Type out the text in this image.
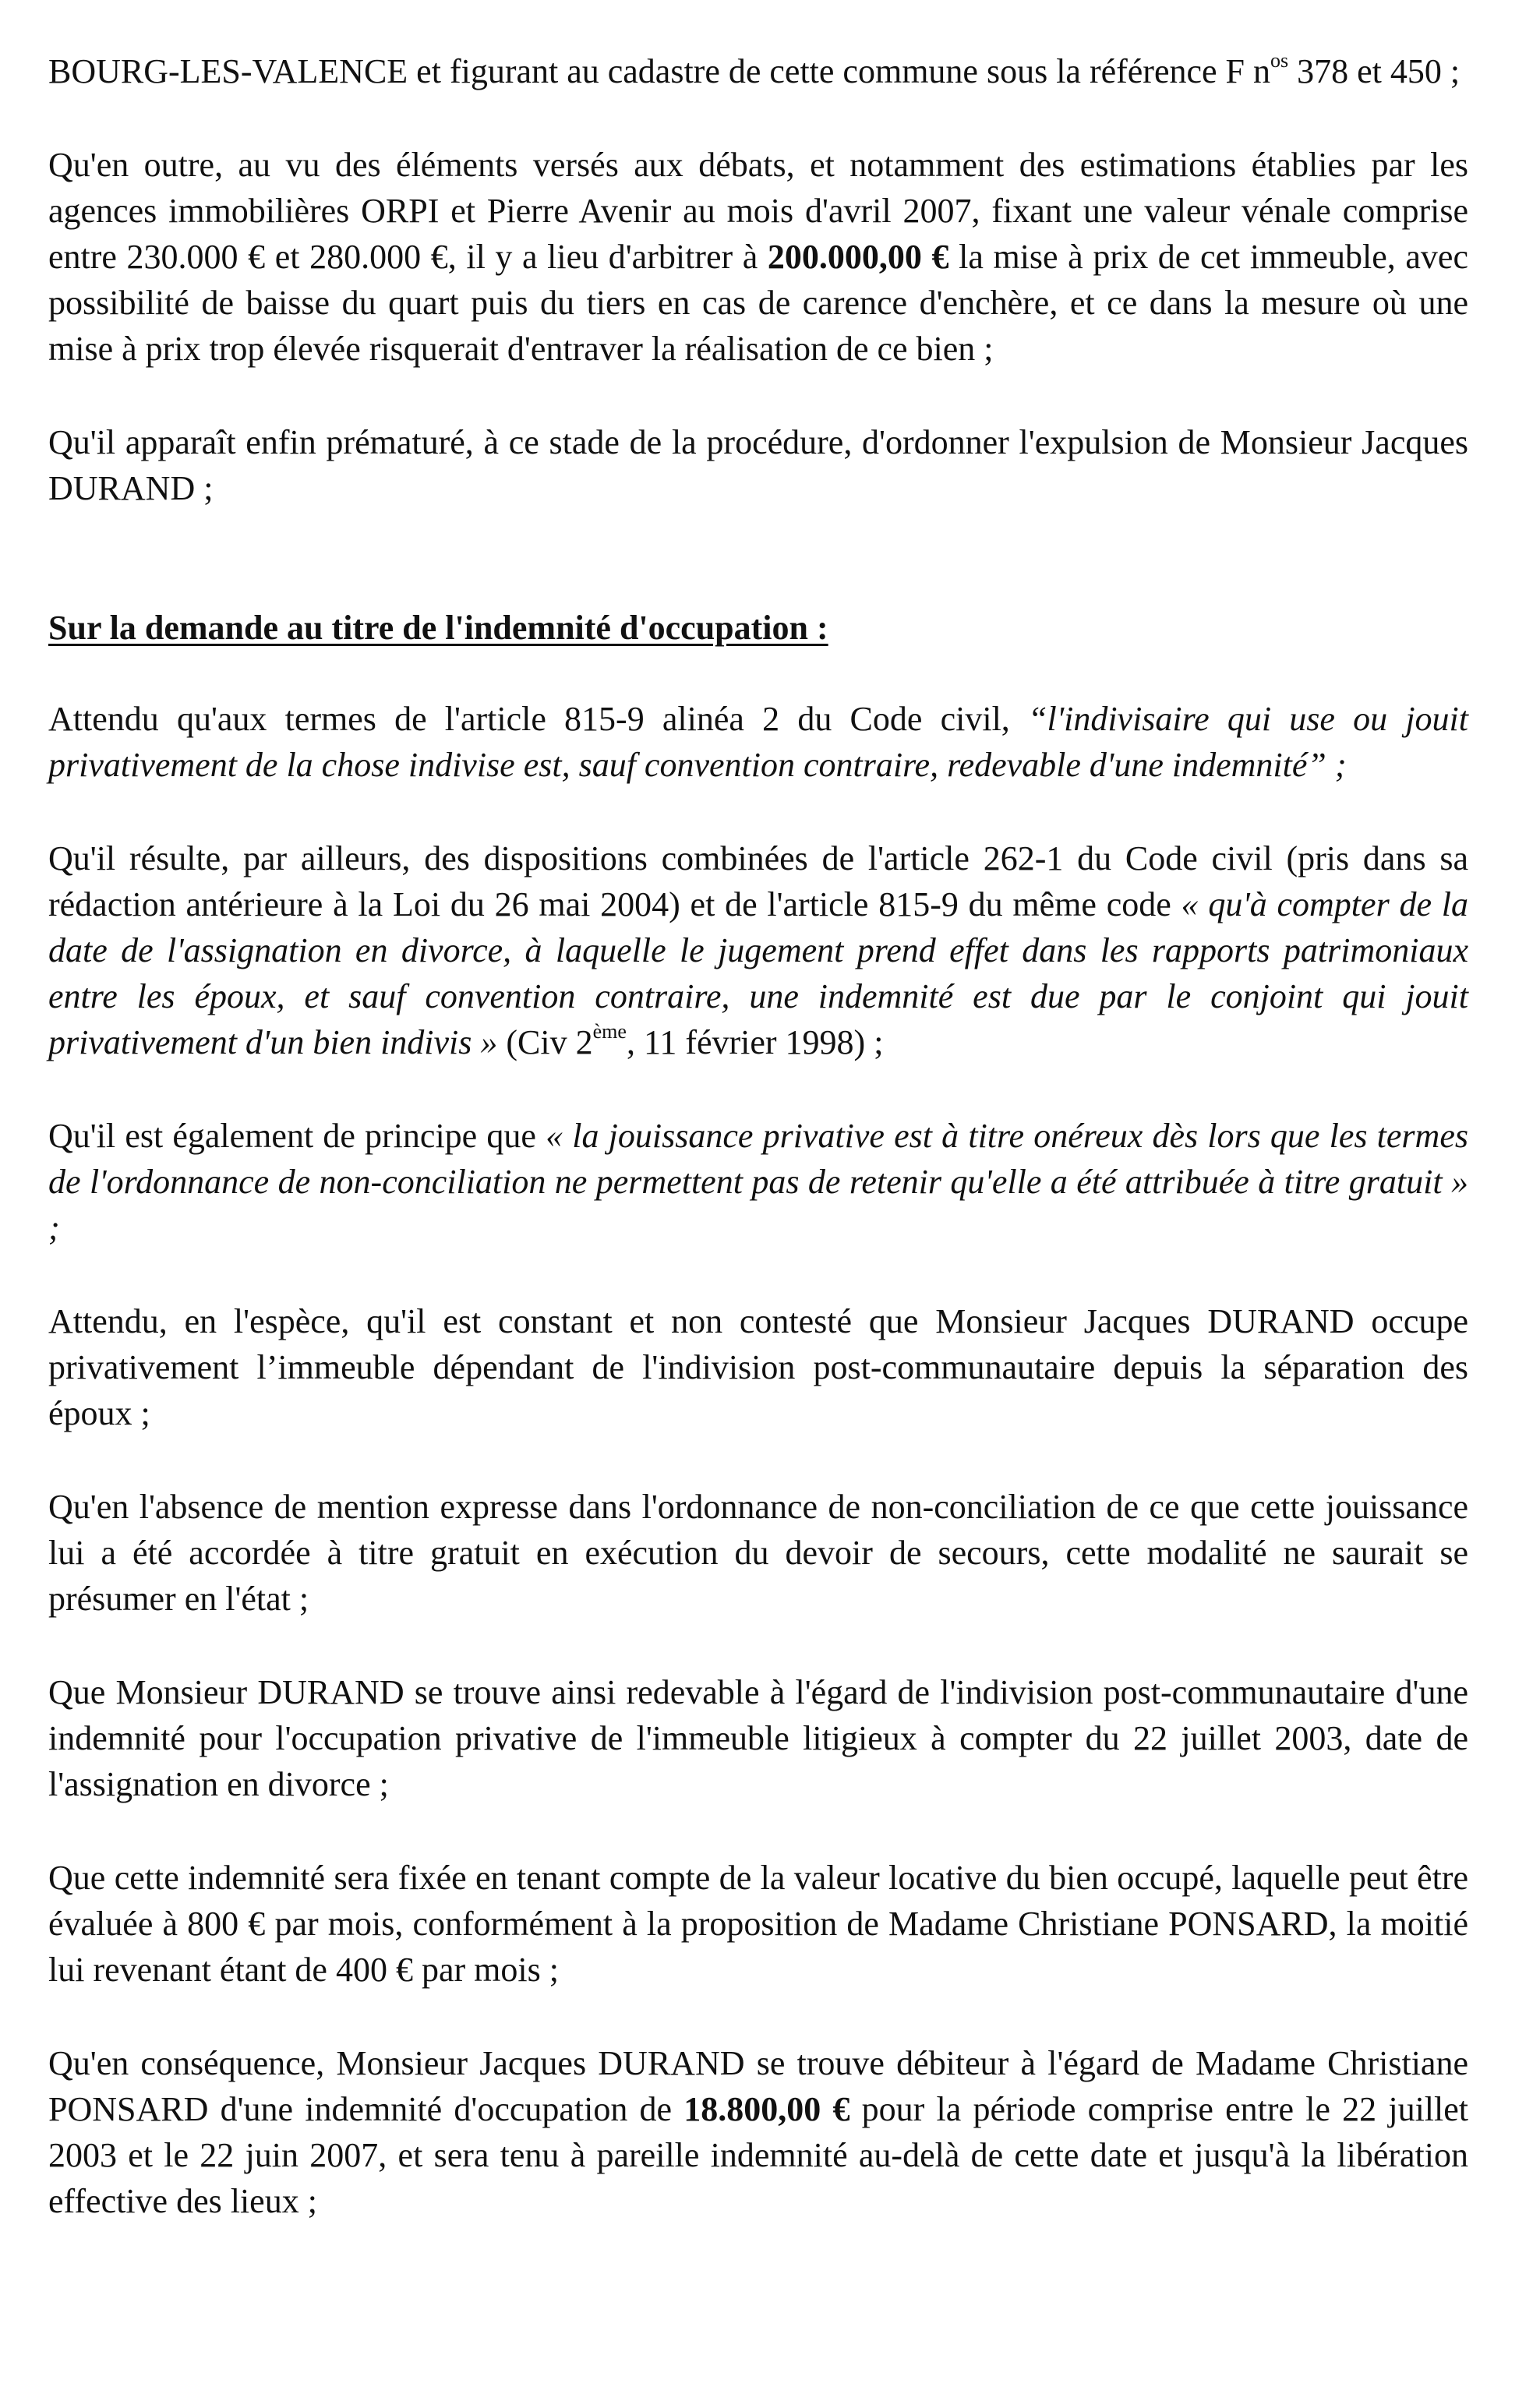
BOURG-LES-VALENCE et figurant au cadastre de cette commune sous la référence F $n^{os}$ 378 et 450 ;

Qu'en outre, au vu des éléments versés aux débats, et notamment des estimations établies par les agences immobilières ORPI et Pierre Avenir au mois d'avril 2007, fixant une valeur vénale comprise entre 230.000 € et 280.000 €, il y a lieu d'arbitrer à 200.000,00 € la mise à prix de cet immeuble, avec possibilité de baisse du quart puis du tiers en cas de carence d'enchère, et ce dans la mesure où une mise à prix trop élevée risquerait d'entraver la réalisation de ce bien ;

Qu'il apparaît enfin prématuré, à ce stade de la procédure, d'ordonner l'expulsion de Monsieur Jacques DURAND ;

Sur la demande au titre de l'indemnité d'occupation :

Attendu qu'aux termes de l'article 815-9 alinéa 2 du Code civil, “l'indivisaire qui use ou jouit privativement de la chose indivise est, sauf convention contraire, redevable d'une indemnité” ;

Qu'il résulte, par ailleurs, des dispositions combinées de l'article 262-1 du Code civil (pris dans sa rédaction antérieure à la Loi du 26 mai 2004) et de l'article 815-9 du même code « qu'à compter de la date de l'assignation en divorce, à laquelle le jugement prend effet dans les rapports patrimoniaux entre les époux, et sauf convention contraire, une indemnité est due par le conjoint qui jouit privativement d'un bien indivis » (Civ 2ème, 11 février 1998) ;

Qu'il est également de principe que « la jouissance privative est à titre onéreux dès lors que les termes de l'ordonnance de non-conciliation ne permettent pas de retenir qu'elle a été attribuée à titre gratuit » ;

Attendu, en l'espèce, qu'il est constant et non contesté que Monsieur Jacques DURAND occupe privativement l’immeuble dépendant de l'indivision post-communautaire depuis la séparation des époux ;

Qu'en l'absence de mention expresse dans l'ordonnance de non-conciliation de ce que cette jouissance lui a été accordée à titre gratuit en exécution du devoir de secours, cette modalité ne saurait se présumer en l'état ;

Que Monsieur DURAND se trouve ainsi redevable à l'égard de l'indivision post-communautaire d'une indemnité pour l'occupation privative de l'immeuble litigieux à compter du 22 juillet 2003, date de l'assignation en divorce ;

Que cette indemnité sera fixée en tenant compte de la valeur locative du bien occupé, laquelle peut être évaluée à 800 € par mois, conformément à la proposition de Madame Christiane PONSARD, la moitié lui revenant étant de 400 € par mois ;

Qu'en conséquence, Monsieur Jacques DURAND se trouve débiteur à l'égard de Madame Christiane PONSARD d'une indemnité d'occupation de 18.800,00 € pour la période comprise entre le 22 juillet 2003 et le 22 juin 2007, et sera tenu à pareille indemnité au-delà de cette date et jusqu'à la libération effective des lieux ;
